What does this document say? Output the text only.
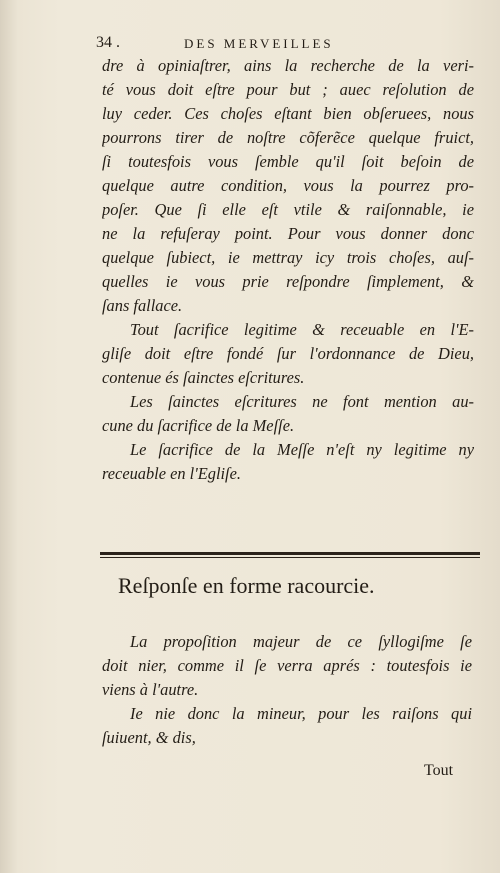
34 .	DES MERVEILLES
dre à opiniaſtrer, ains la recherche de la veri-
té vous doit eſtre pour but ; auec reſolution de
luy ceder. Ces choſes eſtant bien obſeruees, nous
pourrons tirer de noſtre cõferẽce quelque fruict,
ſi toutesfois vous ſemble qu'il ſoit beſoin de
quelque autre condition, vous la pourrez pro-
poſer. Que ſi elle eſt vtile & raiſonnable, ie
ne la refuſeray point. Pour vous donner donc
quelque ſubiect, ie mettray icy trois choſes, auſ-
quelles ie vous prie reſpondre ſimplement, &
ſans fallace.
Tout ſacrifice legitime & receuable en l'E-
gliſe doit eſtre fondé ſur l'ordonnance de Dieu,
contenue és ſainctes eſcritures.
Les ſainctes eſcritures ne font mention au-
cune du ſacrifice de la Meſſe.
Le ſacrifice de la Meſſe n'eſt ny legitime ny
receuable en l'Egliſe.
Reſponſe en forme racourcie.
La propoſition majeur de ce ſyllogiſme ſe
doit nier, comme il ſe verra aprés : toutesfois ie
viens à l'autre.
Ie nie donc la mineur, pour les raiſons qui
ſuiuent, & dis,
Tout
